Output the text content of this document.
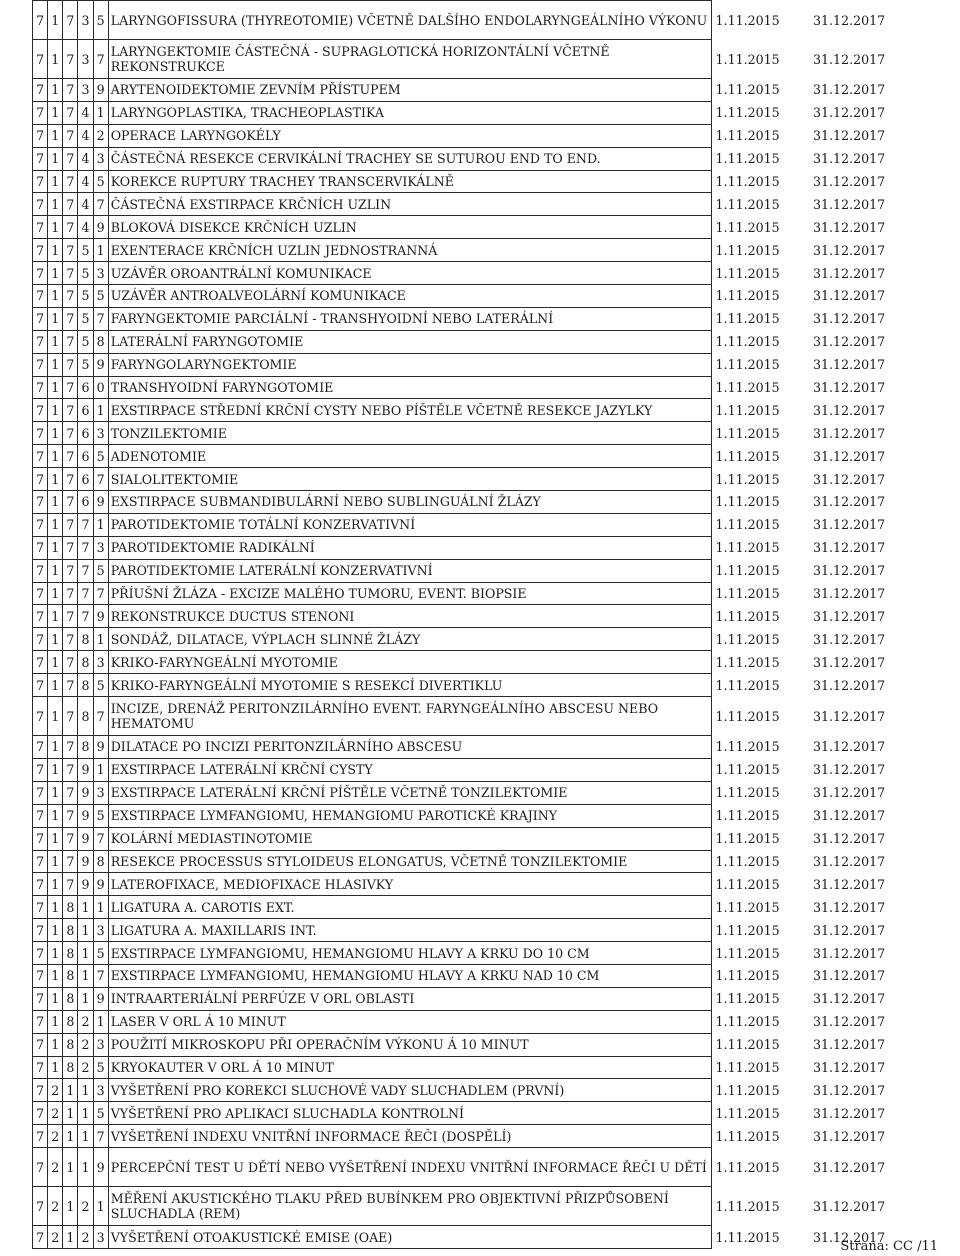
7	1	7	3	5	LARYNGOFISSURA (THYREOTOMIE) VČETNĚ DALŠÍHO ENDOLARYNGEÁLNÍHO VÝKONU	1.11.2015	31.12.2017
7	1	7	3	7	LARYNGEKTOMIE ČÁSTEČNÁ - SUPRAGLOTICKÁ HORIZONTÁLNÍ VČETNĚ REKONSTRUKCE	1.11.2015	31.12.2017
7	1	7	3	9	ARYTENOIDEKTOMIE ZEVNÍM PŘÍSTUPEM	1.11.2015	31.12.2017
7	1	7	4	1	LARYNGOPLASTIKA, TRACHEOPLASTIKA	1.11.2015	31.12.2017
7	1	7	4	2	OPERACE LARYNGOKÉLY	1.11.2015	31.12.2017
7	1	7	4	3	ČÁSTEČNÁ RESEKCE CERVIKÁLNÍ TRACHEY SE SUTUROU END TO END.	1.11.2015	31.12.2017
7	1	7	4	5	KOREKCE RUPTURY TRACHEY TRANSCERVIKÁLNĚ	1.11.2015	31.12.2017
7	1	7	4	7	ČÁSTEČNÁ EXSTIRPACE KRČNÍCH UZLIN	1.11.2015	31.12.2017
7	1	7	4	9	BLOKOVÁ DISEKCE KRČNÍCH UZLIN	1.11.2015	31.12.2017
7	1	7	5	1	EXENTERACE KRČNÍCH UZLIN JEDNOSTRANNÁ	1.11.2015	31.12.2017
7	1	7	5	3	UZÁVĚR OROANTRÁLNÍ KOMUNIKACE	1.11.2015	31.12.2017
7	1	7	5	5	UZÁVĚR ANTROALVEOLÁRNÍ KOMUNIKACE	1.11.2015	31.12.2017
7	1	7	5	7	FARYNGEKTOMIE PARCIÁLNÍ - TRANSHYOIDNÍ NEBO LATERÁLNÍ	1.11.2015	31.12.2017
7	1	7	5	8	LATERÁLNÍ FARYNGOTOMIE	1.11.2015	31.12.2017
7	1	7	5	9	FARYNGOLARYNGEKTOMIE	1.11.2015	31.12.2017
7	1	7	6	0	TRANSHYOIDNÍ FARYNGOTOMIE	1.11.2015	31.12.2017
7	1	7	6	1	EXSTIRPACE STŘEDNÍ KRČNÍ CYSTY NEBO PÍŠTĚLE VČETNĚ RESEKCE JAZYLKY	1.11.2015	31.12.2017
7	1	7	6	3	TONZILEKTOMIE	1.11.2015	31.12.2017
7	1	7	6	5	ADENOTOMIE	1.11.2015	31.12.2017
7	1	7	6	7	SIALOLITEKTOMIE	1.11.2015	31.12.2017
7	1	7	6	9	EXSTIRPACE SUBMANDIBULÁRNÍ NEBO SUBLINGUÁLNÍ ŽLÁZY	1.11.2015	31.12.2017
7	1	7	7	1	PAROTIDEKTOMIE TOTÁLNÍ KONZERVATIVNÍ	1.11.2015	31.12.2017
7	1	7	7	3	PAROTIDEKTOMIE RADIKÁLNÍ	1.11.2015	31.12.2017
7	1	7	7	5	PAROTIDEKTOMIE LATERÁLNÍ KONZERVATIVNÍ	1.11.2015	31.12.2017
7	1	7	7	7	PŘÍUŠNÍ ŽLÁZA - EXCIZE MALÉHO TUMORU, EVENT. BIOPSIE	1.11.2015	31.12.2017
7	1	7	7	9	REKONSTRUKCE DUCTUS STENONI	1.11.2015	31.12.2017
7	1	7	8	1	SONDÁŽ, DILATACE, VÝPLACH SLINNÉ ŽLÁZY	1.11.2015	31.12.2017
7	1	7	8	3	KRIKO-FARYNGEÁLNÍ MYOTOMIE	1.11.2015	31.12.2017
7	1	7	8	5	KRIKO-FARYNGEÁLNÍ MYOTOMIE S RESEKCÍ DIVERTIKLU	1.11.2015	31.12.2017
7	1	7	8	7	INCIZE, DRENÁŽ PERITONZILÁRNÍHO EVENT. FARYNGEÁLNÍHO ABSCESU NEBO HEMATOMU	1.11.2015	31.12.2017
7	1	7	8	9	DILATACE PO INCIZI PERITONZILÁRNÍHO ABSCESU	1.11.2015	31.12.2017
7	1	7	9	1	EXSTIRPACE LATERÁLNÍ KRČNÍ CYSTY	1.11.2015	31.12.2017
7	1	7	9	3	EXSTIRPACE LATERÁLNÍ KRČNÍ PÍŠTĚLE VČETNĚ TONZILEKTOMIE	1.11.2015	31.12.2017
7	1	7	9	5	EXSTIRPACE LYMFANGIOMU, HEMANGIOMU PAROTICKÉ KRAJINY	1.11.2015	31.12.2017
7	1	7	9	7	KOLÁRNÍ MEDIASTINOTOMIE	1.11.2015	31.12.2017
7	1	7	9	8	RESEKCE PROCESSUS STYLOIDEUS ELONGATUS, VČETNĚ TONZILEKTOMIE	1.11.2015	31.12.2017
7	1	7	9	9	LATEROFIXACE, MEDIOFIXACE HLASIVKY	1.11.2015	31.12.2017
7	1	8	1	1	LIGATURA A. CAROTIS EXT.	1.11.2015	31.12.2017
7	1	8	1	3	LIGATURA A. MAXILLARIS INT.	1.11.2015	31.12.2017
7	1	8	1	5	EXSTIRPACE LYMFANGIOMU, HEMANGIOMU HLAVY A KRKU DO 10 CM	1.11.2015	31.12.2017
7	1	8	1	7	EXSTIRPACE LYMFANGIOMU, HEMANGIOMU HLAVY A KRKU NAD 10 CM	1.11.2015	31.12.2017
7	1	8	1	9	INTRAARTERIÁLNÍ PERFÚZE V ORL OBLASTI	1.11.2015	31.12.2017
7	1	8	2	1	LASER V ORL Á 10 MINUT	1.11.2015	31.12.2017
7	1	8	2	3	POUŽITÍ MIKROSKOPU PŘI OPERAČNÍM VÝKONU Á 10 MINUT	1.11.2015	31.12.2017
7	1	8	2	5	KRYOKAUTER V ORL Á 10 MINUT	1.11.2015	31.12.2017
7	2	1	1	3	VYŠETŘENÍ PRO KOREKCI SLUCHOVÉ VADY SLUCHADLEM (PRVNÍ)	1.11.2015	31.12.2017
7	2	1	1	5	VYŠETŘENÍ PRO APLIKACI SLUCHADLA KONTROLNÍ	1.11.2015	31.12.2017
7	2	1	1	7	VYŠETŘENÍ INDEXU VNITŘNÍ INFORMACE ŘEČI (DOSPĚLÍ)	1.11.2015	31.12.2017
7	2	1	1	9	PERCEPČNÍ TEST U DĚTÍ NEBO VYŠETŘENÍ INDEXU VNITŘNÍ INFORMACE ŘEČI U DĚTÍ	1.11.2015	31.12.2017
7	2	1	2	1	MĚŘENÍ AKUSTICKÉHO TLAKU PŘED BUBÍNKEM PRO OBJEKTIVNÍ PŘIZPŮSOBENÍ SLUCHADLA (REM)	1.11.2015	31.12.2017
7	2	1	2	3	VYŠETŘENÍ OTOAKUSTICKÉ EMISE (OAE)	1.11.2015	31.12.2017
Strana: CC /11
